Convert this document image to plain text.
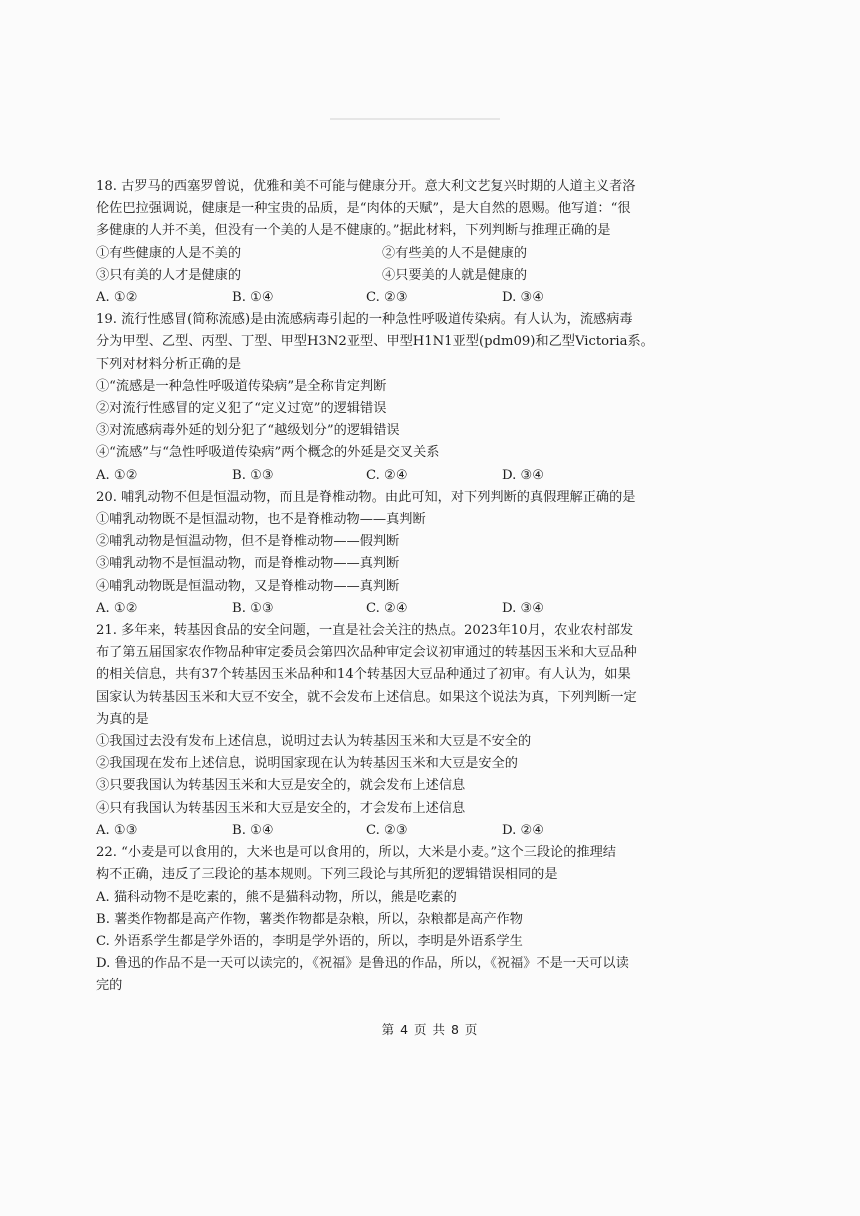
18. 古罗马的西塞罗曾说，优雅和美不可能与健康分开。意大利文艺复兴时期的人道主义者洛
伦佐巴拉强调说，健康是一种宝贵的品质，是“肉体的天赋”，是大自然的恩赐。他写道：“很
多健康的人并不美，但没有一个美的人是不健康的。”据此材料，下列判断与推理正确的是
①有些健康的人是不美的	②有些美的人不是健康的
③只有美的人才是健康的	④只要美的人就是健康的
A. ①②	B. ①④	C. ②③	D. ③④
19. 流行性感冒(简称流感)是由流感病毒引起的一种急性呼吸道传染病。有人认为，流感病毒
分为甲型、乙型、丙型、丁型、甲型H3N2亚型、甲型H1N1亚型(pdm09)和乙型Victoria系。
下列对材料分析正确的是
①“流感是一种急性呼吸道传染病”是全称肯定判断
②对流行性感冒的定义犯了“定义过宽”的逻辑错误
③对流感病毒外延的划分犯了“越级划分”的逻辑错误
④“流感”与“急性呼吸道传染病”两个概念的外延是交叉关系
A. ①②	B. ①③	C. ②④	D. ③④
20. 哺乳动物不但是恒温动物，而且是脊椎动物。由此可知，对下列判断的真假理解正确的是
①哺乳动物既不是恒温动物，也不是脊椎动物——真判断
②哺乳动物是恒温动物，但不是脊椎动物——假判断
③哺乳动物不是恒温动物，而是脊椎动物——真判断
④哺乳动物既是恒温动物，又是脊椎动物——真判断
A. ①②	B. ①③	C. ②④	D. ③④
21. 多年来，转基因食品的安全问题，一直是社会关注的热点。2023年10月，农业农村部发
布了第五届国家农作物品种审定委员会第四次品种审定会议初审通过的转基因玉米和大豆品种
的相关信息，共有37个转基因玉米品种和14个转基因大豆品种通过了初审。有人认为，如果
国家认为转基因玉米和大豆不安全，就不会发布上述信息。如果这个说法为真，下列判断一定
为真的是
①我国过去没有发布上述信息，说明过去认为转基因玉米和大豆是不安全的
②我国现在发布上述信息，说明国家现在认为转基因玉米和大豆是安全的
③只要我国认为转基因玉米和大豆是安全的，就会发布上述信息
④只有我国认为转基因玉米和大豆是安全的，才会发布上述信息
A. ①③	B. ①④	C. ②③	D. ②④
22. “小麦是可以食用的，大米也是可以食用的，所以，大米是小麦。”这个三段论的推理结
构不正确，违反了三段论的基本规则。下列三段论与其所犯的逻辑错误相同的是
A. 猫科动物不是吃素的，熊不是猫科动物，所以，熊是吃素的
B. 薯类作物都是高产作物，薯类作物都是杂粮，所以，杂粮都是高产作物
C. 外语系学生都是学外语的，李明是学外语的，所以，李明是外语系学生
D. 鲁迅的作品不是一天可以读完的，《祝福》是鲁迅的作品，所以，《祝福》不是一天可以读
完的
第 4 页 共 8 页
